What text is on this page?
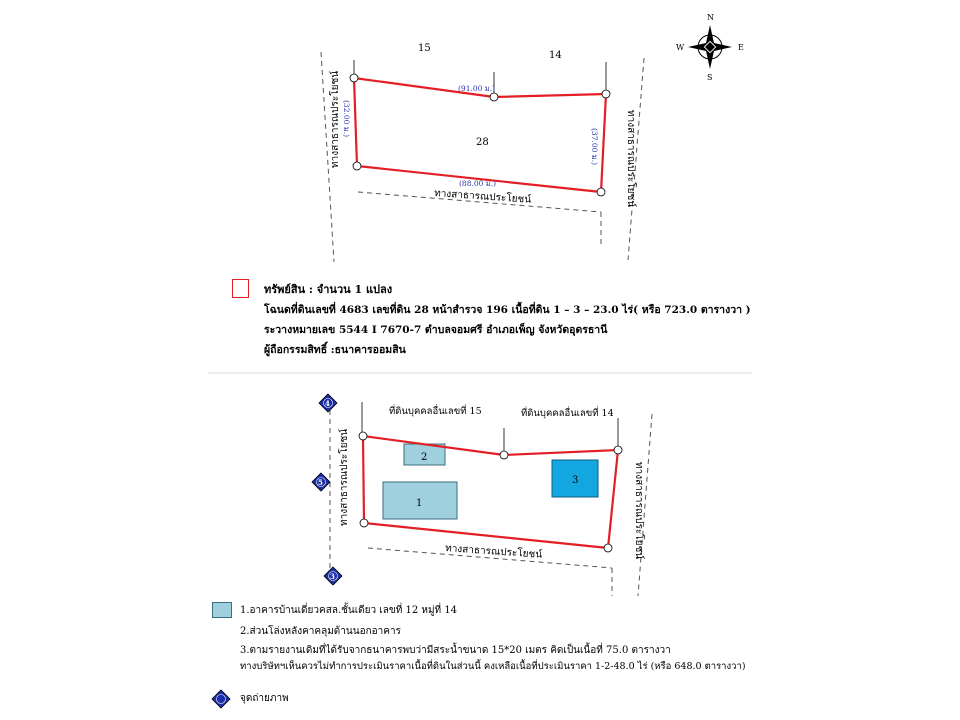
N
S
E
W
15
14
28
(91.00 ม.)
(88.00 ม.)
(32.00 ม.)
(37.00 ม.)
ทางสาธารณประโยชน์
ทางสาธารณประโยชน์	ทางสาธารณประโยชน์
2
1
3
ที่ดินบุคคลอื่นเลขที่ 15	ที่ดินบุคคลอื่นเลขที่ 14
ทางสาธารณประโยชน์
ทางสาธารณประโยชน์	ทางสาธารณประโยชน์
4
5
3
ทรัพย์สิน : จำนวน 1 แปลง
โฉนดที่ดินเลขที่ 4683 เลขที่ดิน 28 หน้าสำรวจ 196 เนื้อที่ดิน 1 – 3 – 23.0 ไร่( หรือ 723.0 ตารางวา )
ระวางหมายเลข 5544 I 7670-7 ตำบลจอมศรี อำเภอเพ็ญ จังหวัดอุดรธานี
ผู้ถือกรรมสิทธิ์ :ธนาคารออมสิน
1.อาคารบ้านเดี่ยวคสล.ชั้นเดียว เลขที่ 12 หมู่ที่ 14
2.ส่วนโล่งหลังคาคลุมด้านนอกอาคาร
3.ตามรายงานเดิมที่ได้รับจากธนาคารพบว่ามีสระน้ำขนาด 15*20 เมตร คิดเป็นเนื้อที่ 75.0 ตารางวา
ทางบริษัทฯเห็นควรไม่ทำการประเมินราคาเนื้อที่ดินในส่วนนี้ คงเหลือเนื้อที่ประเมินราคา 1-2-48.0 ไร่ (หรือ 648.0 ตารางวา)
จุดถ่ายภาพ
